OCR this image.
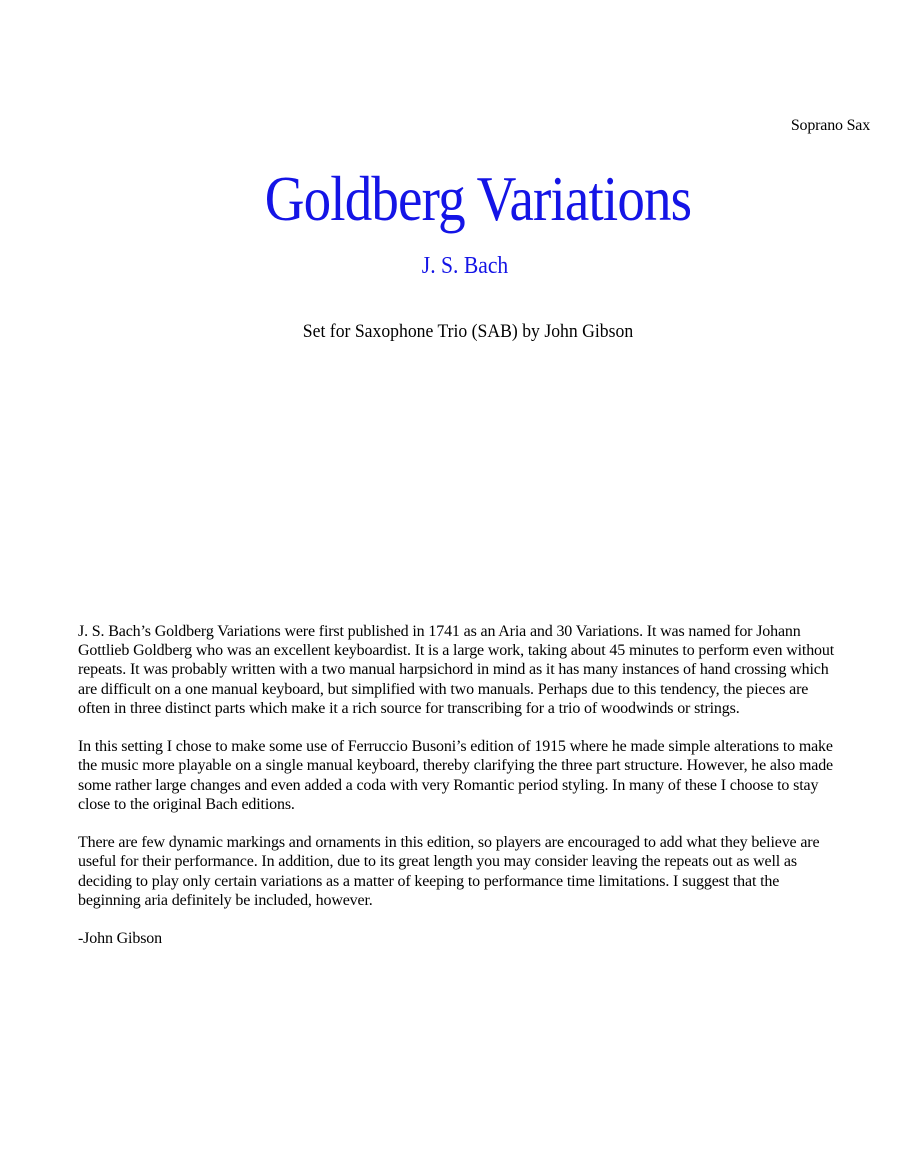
Soprano Sax
Goldberg Variations
J. S. Bach
Set for Saxophone Trio (SAB) by John Gibson

J. S. Bach’s Goldberg Variations were first published in 1741 as an Aria and 30 Variations. It was named for Johann Gottlieb Goldberg who was an excellent keyboardist. It is a large work, taking about 45 minutes to perform even without repeats. It was probably written with a two manual harpsichord in mind as it has many instances of hand crossing which are difficult on a one manual keyboard, but simplified with two manuals. Perhaps due to this tendency, the pieces are often in three distinct parts which make it a rich source for transcribing for a trio of woodwinds or strings.

In this setting I chose to make some use of Ferruccio Busoni’s edition of 1915 where he made simple alterations to make the music more playable on a single manual keyboard, thereby clarifying the three part structure. However, he also made some rather large changes and even added a coda with very Romantic period styling. In many of these I choose to stay close to the original Bach editions.

There are few dynamic markings and ornaments in this edition, so players are encouraged to add what they believe are useful for their performance. In addition, due to its great length you may consider leaving the repeats out as well as deciding to play only certain variations as a matter of keeping to performance time limitations. I suggest that the beginning aria definitely be included, however.

-John Gibson
